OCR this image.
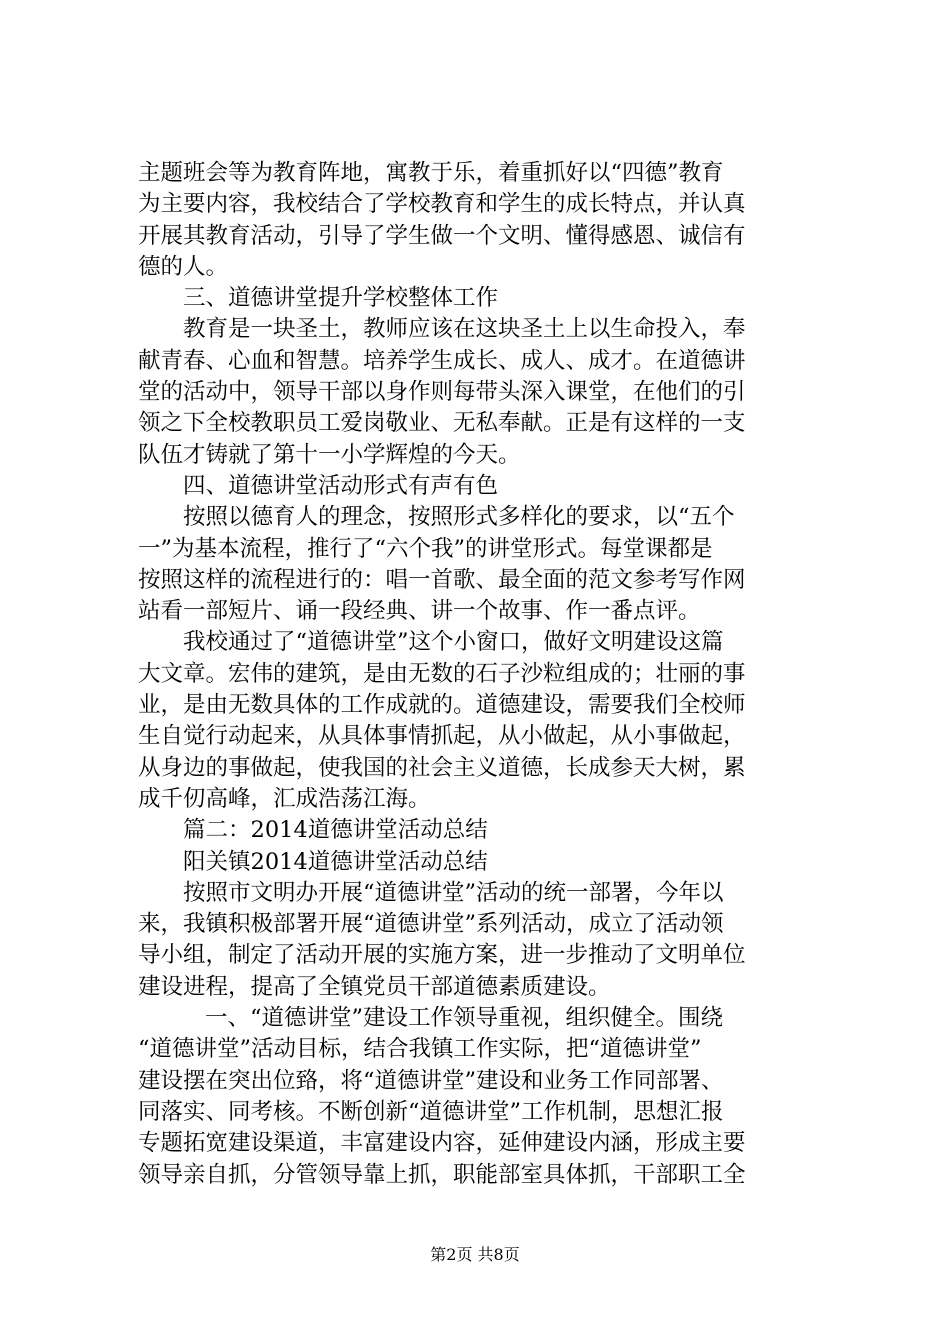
主题班会等为教育阵地，寓教于乐，着重抓好以“四德”教育
为主要内容，我校结合了学校教育和学生的成长特点，并认真
开展其教育活动，引导了学生做一个文明、懂得感恩、诚信有
德的人。
三、道德讲堂提升学校整体工作
教育是一块圣土，教师应该在这块圣土上以生命投入，奉
献青春、心血和智慧。培养学生成长、成人、成才。在道德讲
堂的活动中，领导干部以身作则每带头深入课堂，在他们的引
领之下全校教职员工爱岗敬业、无私奉献。正是有这样的一支
队伍才铸就了第十一小学辉煌的今天。
四、道德讲堂活动形式有声有色
按照以德育人的理念，按照形式多样化的要求，以“五个
一”为基本流程，推行了“六个我”的讲堂形式。每堂课都是
按照这样的流程进行的：唱一首歌、最全面的范文参考写作网
站看一部短片、诵一段经典、讲一个故事、作一番点评。
我校通过了“道德讲堂”这个小窗口，做好文明建设这篇
大文章。宏伟的建筑，是由无数的石子沙粒组成的；壮丽的事
业，是由无数具体的工作成就的。道德建设，需要我们全校师
生自觉行动起来，从具体事情抓起，从小做起，从小事做起，
从身边的事做起，使我国的社会主义道德，长成参天大树，累
成千仞高峰，汇成浩荡江海。
篇二：2014道德讲堂活动总结
阳关镇2014道德讲堂活动总结
按照市文明办开展“道德讲堂”活动的统一部署，今年以
来，我镇积极部署开展“道德讲堂”系列活动，成立了活动领
导小组，制定了活动开展的实施方案，进一步推动了文明单位
建设进程，提高了全镇党员干部道德素质建设。
一、“道德讲堂”建设工作领导重视，组织健全。围绕
“道德讲堂”活动目标，结合我镇工作实际，把“道德讲堂”
建设摆在突出位臵，将“道德讲堂”建设和业务工作同部署、
同落实、同考核。不断创新“道德讲堂”工作机制，思想汇报
专题拓宽建设渠道，丰富建设内容，延伸建设内涵，形成主要
领导亲自抓，分管领导靠上抓，职能部室具体抓，干部职工全
第2页 共8页
